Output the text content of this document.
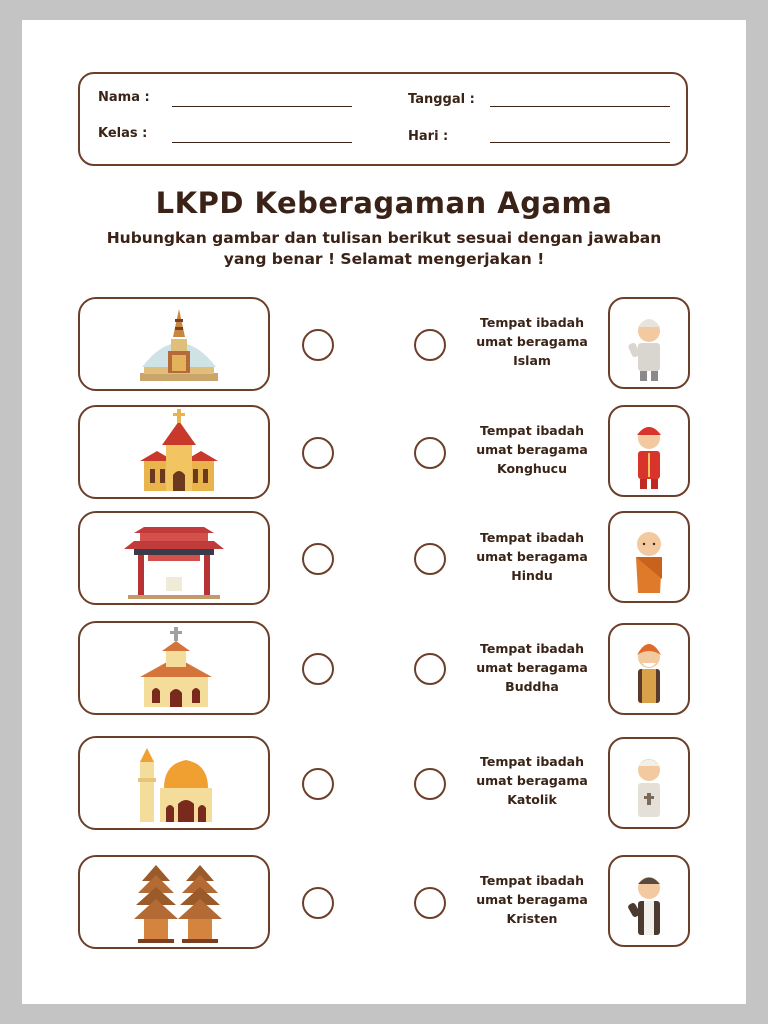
Nama :	Tanggal :
Kelas :	Hari :
LKPD Keberagaman Agama
Hubungkan gambar dan tulisan berikut sesuai dengan jawaban
yang benar ! Selamat mengerjakan !
Tempat ibadah
umat beragama
Islam
Tempat ibadah
umat beragama
Konghucu
Tempat ibadah
umat beragama
Hindu
Tempat ibadah
umat beragama
Buddha
Tempat ibadah
umat beragama
Katolik
Tempat ibadah
umat beragama
Kristen
